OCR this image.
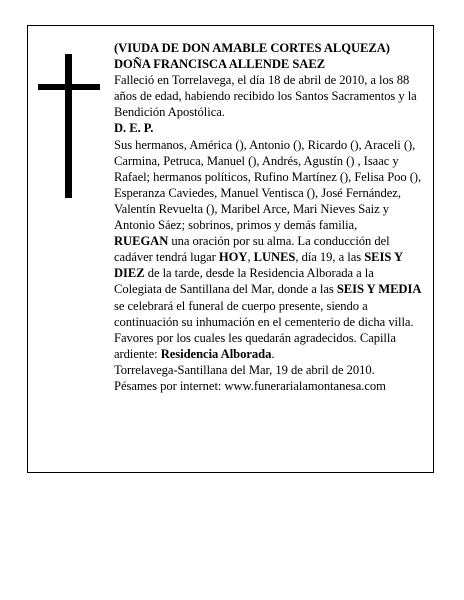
(VIUDA DE DON AMABLE CORTES ALQUEZA)

DOÑA FRANCISCA ALLENDE SAEZ

Falleció en Torrelavega, el día 18 de abril de 2010, a los 88 años de edad, habiendo recibido los Santos Sacramentos y la Bendición Apostólica.

D. E. P.

Sus hermanos, América (), Antonio (), Ricardo (), Araceli (), Carmina, Petruca, Manuel (), Andrés, Agustín () , Isaac y Rafael; hermanos políticos, Rufino Martínez (), Felisa Poo (), Esperanza Caviedes, Manuel Ventisca (), José Fernández, Valentín Revuelta (), Maribel Arce, Mari Nieves Saiz y Antonio Sáez; sobrinos, primos y demás familia,

RUEGAN una oración por su alma. La conducción del cadáver tendrá lugar HOY, LUNES, día 19, a las SEIS Y DIEZ de la tarde, desde la Residencia Alborada a la Colegiata de Santillana del Mar, donde a las SEIS Y MEDIA se celebrará el funeral de cuerpo presente, siendo a continuación su inhumación en el cementerio de dicha villa. Favores por los cuales les quedarán agradecidos. Capilla ardiente: Residencia Alborada.

Torrelavega-Santillana del Mar, 19 de abril de 2010.

Pésames por internet: www.funerarialamontanesa.com
